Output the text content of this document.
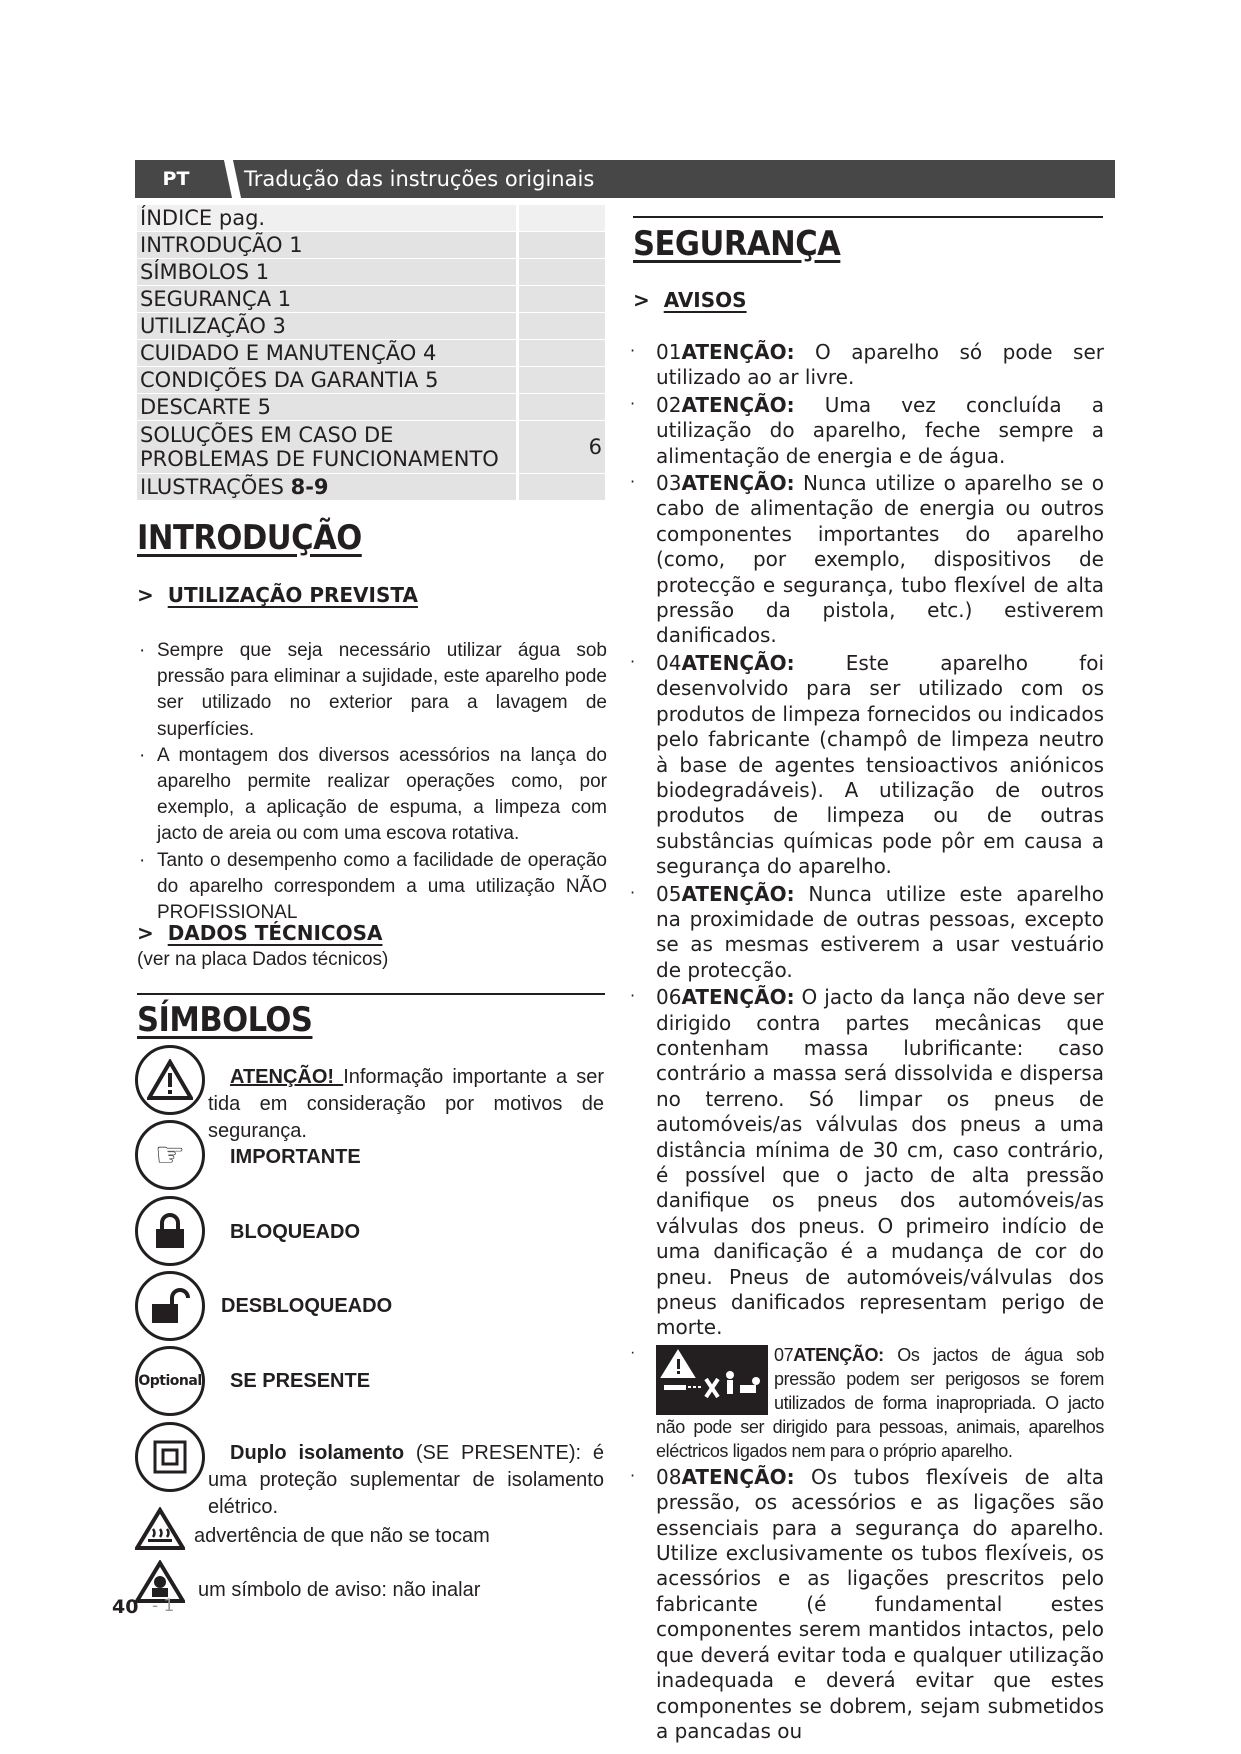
PT	Tradução das instruções originais
ÍNDICE pag.	
INTRODUÇÃO 1	
SÍMBOLOS 1	
SEGURANÇA 1	
UTILIZAÇÃO 3	
CUIDADO E MANUTENÇÃO 4	
CONDIÇÕES DA GARANTIA 5	
DESCARTE 5	
SOLUÇÕES EM CASO DE PROBLEMAS DE FUNCIONAMENTO	6
ILUSTRAÇÕES 8-9	
INTRODUÇÃO
> UTILIZAÇÃO PREVISTA
· Sempre que seja necessário utilizar água sob pressão para eliminar a sujidade, este aparelho pode ser utilizado no exterior para a lavagem de superfícies.
· A montagem dos diversos acessórios na lança do aparelho permite realizar operações como, por exemplo, a aplicação de espuma, a limpeza com jacto de areia ou com uma escova rotativa.
· Tanto o desempenho como a facilidade de operação do aparelho correspondem a uma utilização NÃO PROFISSIONAL
> DADOS TÉCNICOSA
(ver na placa Dados técnicos)
SÍMBOLOS
ATENÇÃO! Informação importante a ser tida em consideração por motivos de segurança.
☞ IMPORTANTE
BLOQUEADO
DESBLOQUEADO
Optional SE PRESENTE
Duplo isolamento (SE PRESENTE): é uma proteção suplementar de isolamento elétrico.
advertência de que não se tocam
um símbolo de aviso: não inalar
40 - 1
SEGURANÇA
> AVISOS
· 01ATENÇÃO: O aparelho só pode ser utilizado ao ar livre.
· 02ATENÇÃO: Uma vez concluída a utilização do aparelho, feche sempre a alimentação de energia e de água.
· 03ATENÇÃO: Nunca utilize o aparelho se o cabo de alimentação de energia ou outros componentes importantes do aparelho (como, por exemplo, dispositivos de protecção e segurança, tubo flexível de alta pressão da pistola, etc.) estiverem danificados.
· 04ATENÇÃO: Este aparelho foi desenvolvido para ser utilizado com os produtos de limpeza fornecidos ou indicados pelo fabricante (champô de limpeza neutro à base de agentes tensioactivos aniónicos biodegradáveis). A utilização de outros produtos de limpeza ou de outras substâncias químicas pode pôr em causa a segurança do aparelho.
· 05ATENÇÃO: Nunca utilize este aparelho na proximidade de outras pessoas, excepto se as mesmas estiverem a usar vestuário de protecção.
· 06ATENÇÃO: O jacto da lança não deve ser dirigido contra partes mecânicas que contenham massa lubrificante: caso contrário a massa será dissolvida e dispersa no terreno. Só limpar os pneus de automóveis/as válvulas dos pneus a uma distância mínima de 30 cm, caso contrário, é possível que o jacto de alta pressão danifique os pneus dos automóveis/as válvulas dos pneus. O primeiro indício de uma danificação é a mudança de cor do pneu. Pneus de automóveis/válvulas dos pneus danificados representam perigo de morte.
·	07ATENÇÃO: Os jactos de água sob pressão podem ser perigosos se forem utilizados de forma inapropriada. O jacto não pode ser dirigido para pessoas, animais, aparelhos eléctricos ligados nem para o próprio aparelho.
· 08ATENÇÃO: Os tubos flexíveis de alta pressão, os acessórios e as ligações são essenciais para a segurança do aparelho. Utilize exclusivamente os tubos flexíveis, os acessórios e as ligações prescritos pelo fabricante (é fundamental estes componentes serem mantidos intactos, pelo que deverá evitar toda e qualquer utilização inadequada e deverá evitar que estes componentes se dobrem, sejam submetidos a pancadas ou
